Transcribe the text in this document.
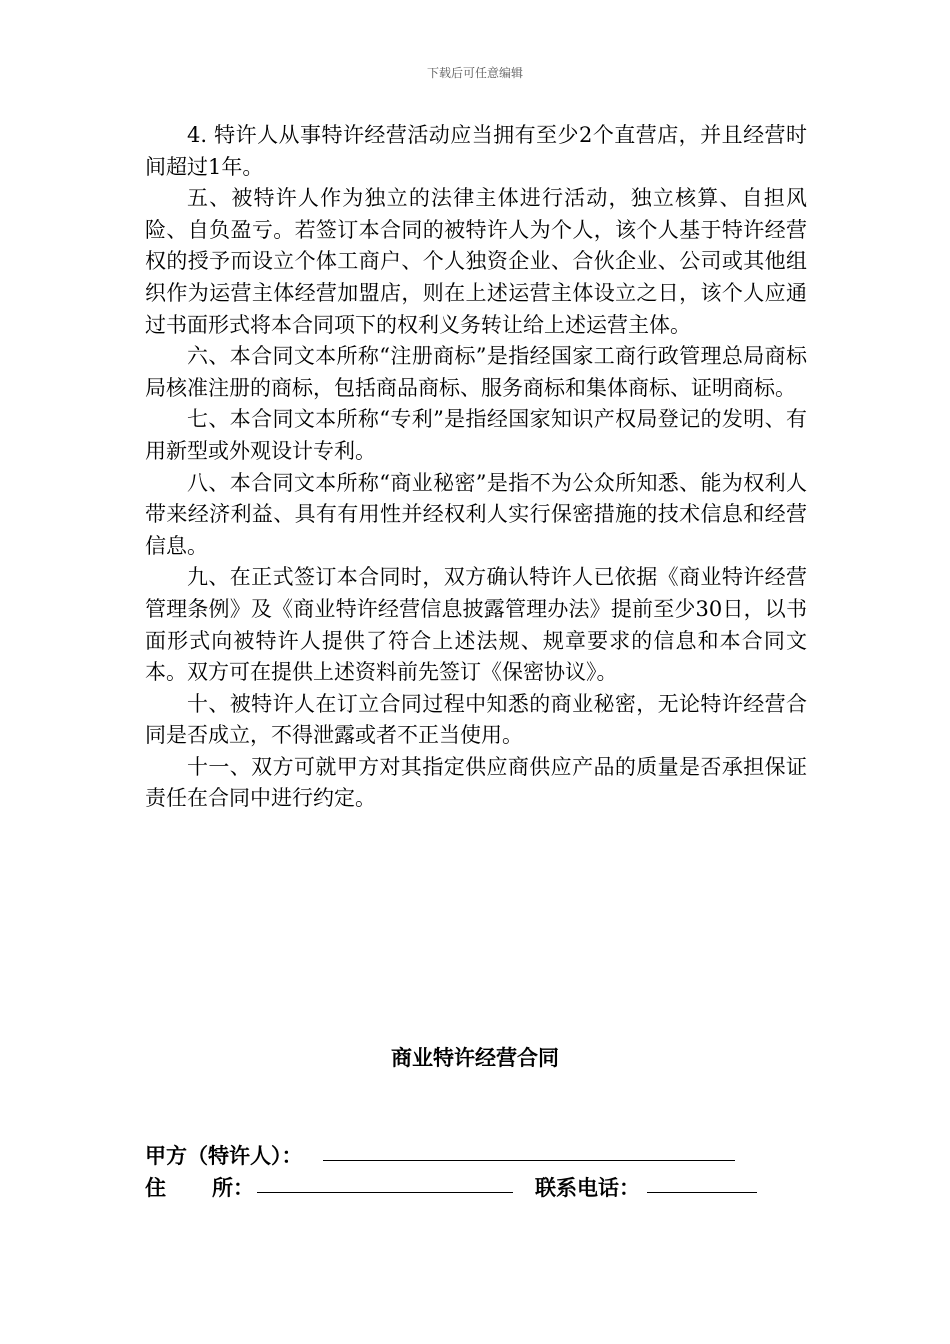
下载后可任意编辑

4. 特许人从事特许经营活动应当拥有至少2个直营店，并且经营时间超过1年。

五、被特许人作为独立的法律主体进行活动，独立核算、自担风险、自负盈亏。若签订本合同的被特许人为个人，该个人基于特许经营权的授予而设立个体工商户、个人独资企业、合伙企业、公司或其他组织作为运营主体经营加盟店，则在上述运营主体设立之日，该个人应通过书面形式将本合同项下的权利义务转让给上述运营主体。

六、本合同文本所称“注册商标”是指经国家工商行政管理总局商标局核准注册的商标，包括商品商标、服务商标和集体商标、证明商标。

七、本合同文本所称“专利”是指经国家知识产权局登记的发明、有用新型或外观设计专利。

八、本合同文本所称“商业秘密”是指不为公众所知悉、能为权利人带来经济利益、具有有用性并经权利人实行保密措施的技术信息和经营信息。

九、在正式签订本合同时，双方确认特许人已依据《商业特许经营管理条例》及《商业特许经营信息披露管理办法》提前至少30日，以书面形式向被特许人提供了符合上述法规、规章要求的信息和本合同文本。双方可在提供上述资料前先签订《保密协议》。

十、被特许人在订立合同过程中知悉的商业秘密，无论特许经营合同是否成立，不得泄露或者不正当使用。

十一、双方可就甲方对其指定供应商供应产品的质量是否承担保证责任在合同中进行约定。

商业特许经营合同
甲方（特许人）：
住 所：	联系电话：
